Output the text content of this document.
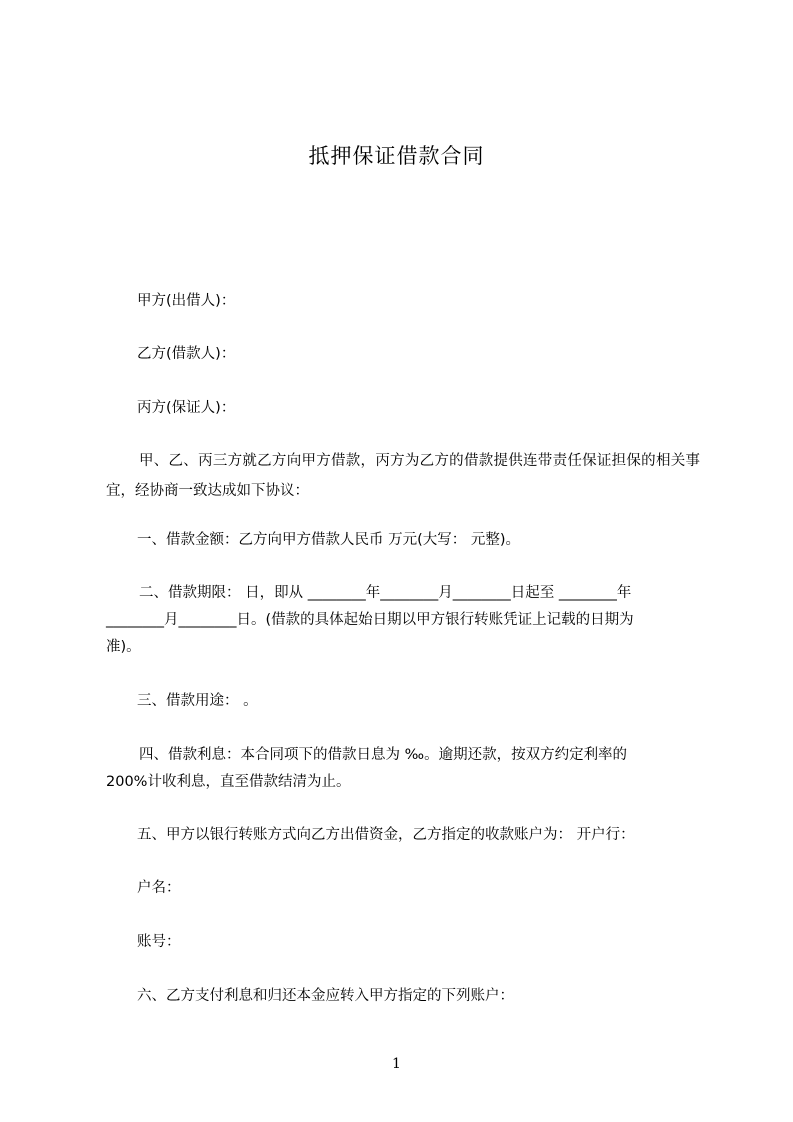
抵押保证借款合同
甲方(出借人)：
乙方(借款人)：
丙方(保证人)：
甲、乙、丙三方就乙方向甲方借款，丙方为乙方的借款提供连带责任保证担保的相关事宜，经协商一致达成如下协议：
一、借款金额：乙方向甲方借款人民币 万元(大写： 元整)。
二、借款期限： 日，即从 ________年________月________日起至 ________年
________月________日。(借款的具体起始日期以甲方银行转账凭证上记载的日期为
准)。
三、借款用途： 。
四、借款利息：本合同项下的借款日息为 ‰。逾期还款，按双方约定利率的
200%计收利息，直至借款结清为止。
五、甲方以银行转账方式向乙方出借资金，乙方指定的收款账户为： 开户行：
户名：
账号：
六、乙方支付利息和归还本金应转入甲方指定的下列账户：
1
